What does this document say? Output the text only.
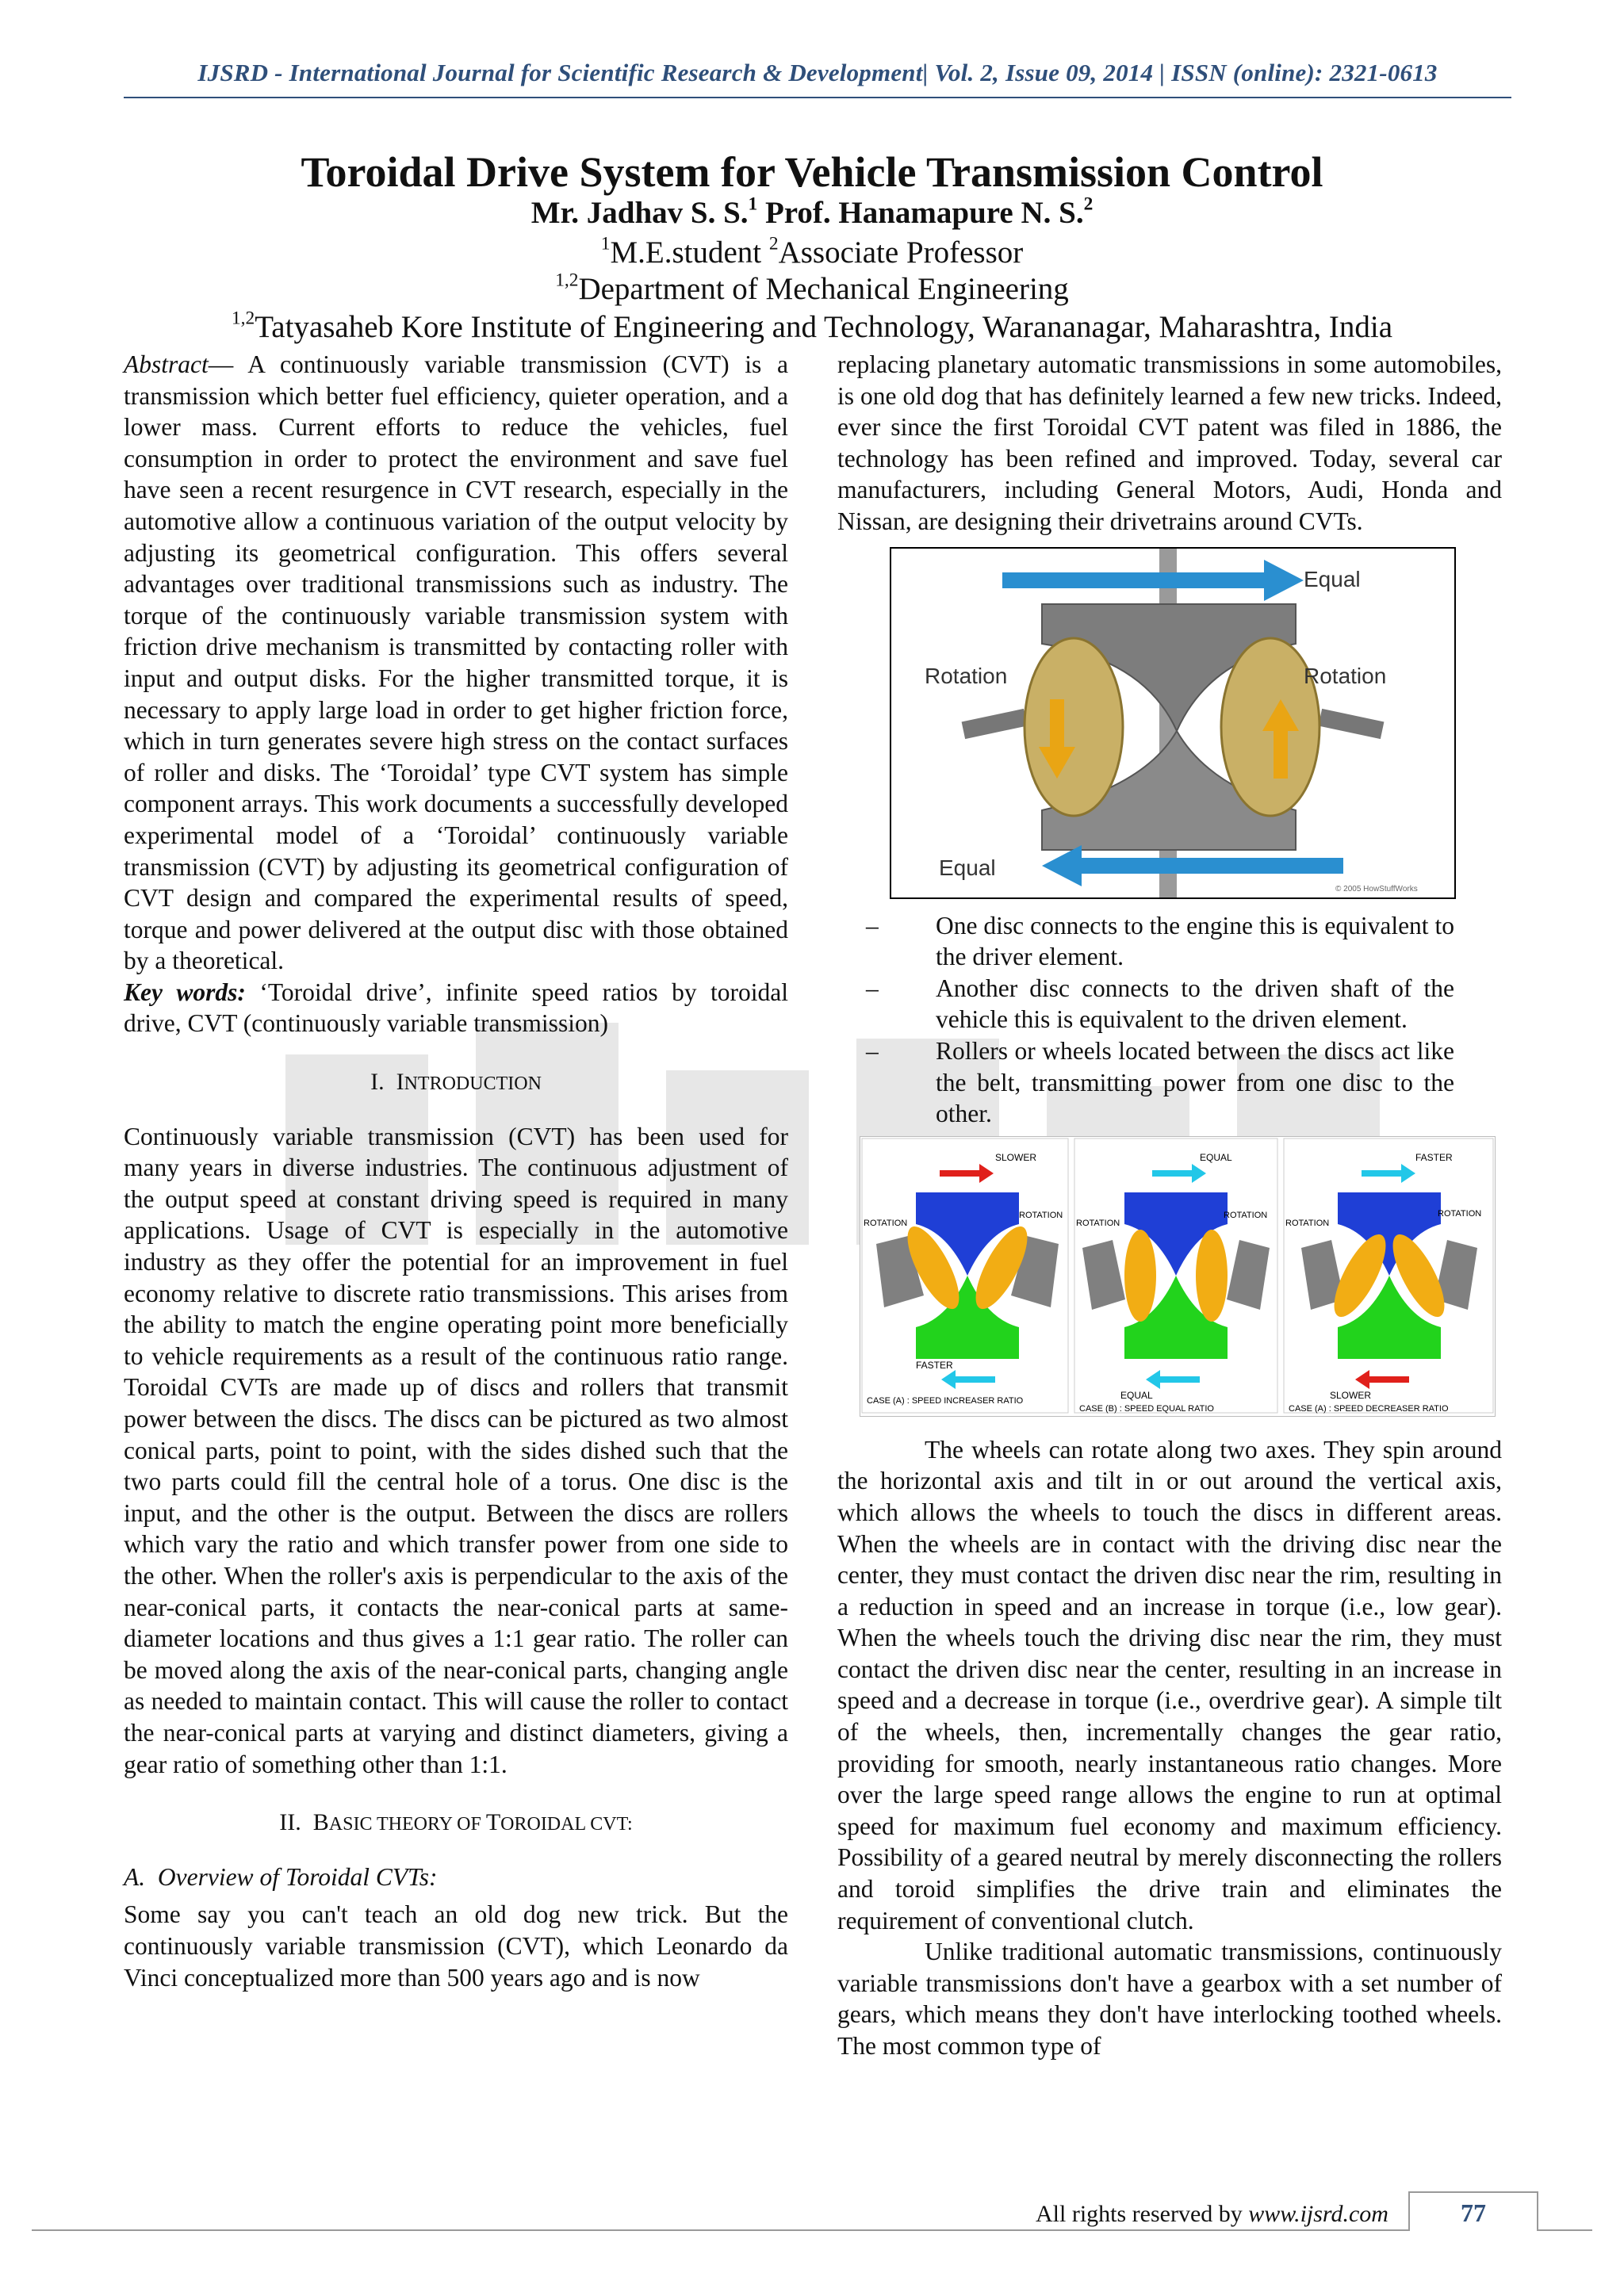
IJSRD - International Journal for Scientific Research & Development| Vol. 2, Issue 09, 2014 | ISSN (online): 2321-0613
Toroidal Drive System for Vehicle Transmission Control
Mr. Jadhav S. S.$^1$ Prof. Hanamapure N. S.$^2$
$^1$M.E.student $^2$Associate Professor
$^{1,2}$Department of Mechanical Engineering
$^{1,2}$Tatyasaheb Kore Institute of Engineering and Technology, Warananagar, Maharashtra, India

Abstract— A continuously variable transmission (CVT) is a transmission which better fuel efficiency, quieter operation, and a lower mass. Current efforts to reduce the vehicles, fuel consumption in order to protect the environment and save fuel have seen a recent resurgence in CVT research, especially in the automotive allow a continuous variation of the output velocity by adjusting its geometrical configuration. This offers several advantages over traditional transmissions such as industry. The torque of the continuously variable transmission system with friction drive mechanism is transmitted by contacting roller with input and output disks. For the higher transmitted torque, it is necessary to apply large load in order to get higher friction force, which in turn generates severe high stress on the contact surfaces of roller and disks. The ‘Toroidal’ type CVT system has simple component arrays. This work documents a successfully developed experimental model of a ‘Toroidal’ continuously variable transmission (CVT) by adjusting its geometrical configuration of CVT design and compared the experimental results of speed, torque and power delivered at the output disc with those obtained by a theoretical.

Key words: ‘Toroidal drive’, infinite speed ratios by toroidal drive, CVT (continuously variable transmission)

I. INTRODUCTION

Continuously variable transmission (CVT) has been used for many years in diverse industries. The continuous adjustment of the output speed at constant driving speed is required in many applications. Usage of CVT is especially in the automotive industry as they offer the potential for an improvement in fuel economy relative to discrete ratio transmissions. This arises from the ability to match the engine operating point more beneficially to vehicle requirements as a result of the continuous ratio range. Toroidal CVTs are made up of discs and rollers that transmit power between the discs. The discs can be pictured as two almost conical parts, point to point, with the sides dished such that the two parts could fill the central hole of a torus. One disc is the input, and the other is the output. Between the discs are rollers which vary the ratio and which transfer power from one side to the other. When the roller's axis is perpendicular to the axis of the near-conical parts, it contacts the near-conical parts at same-diameter locations and thus gives a 1:1 gear ratio. The roller can be moved along the axis of the near-conical parts, changing angle as needed to maintain contact. This will cause the roller to contact the near-conical parts at varying and distinct diameters, giving a gear ratio of something other than 1:1.

II. BASIC THEORY OF TOROIDAL CVT:

A. Overview of Toroidal CVTs:

Some say you can't teach an old dog new trick. But the continuously variable transmission (CVT), which Leonardo da Vinci conceptualized more than 500 years ago and is now

replacing planetary automatic transmissions in some automobiles, is one old dog that has definitely learned a few new tricks. Indeed, ever since the first Toroidal CVT patent was filed in 1886, the technology has been refined and improved. Today, several car manufacturers, including General Motors, Audi, Honda and Nissan, are designing their drivetrains around CVTs.

Equal
Equal
Rotation	Rotation
© 2005 HowStuffWorks
– One disc connects to the engine this is equivalent to the driver element.
– Another disc connects to the driven shaft of the vehicle this is equivalent to the driven element.
– Rollers or wheels located between the discs act like the belt, transmitting power from one disc to the other.
SLOWER
FASTER
ROTATION
ROTATION
CASE (A) : SPEED INCREASER RATIO
EQUAL
EQUAL
ROTATION
ROTATION
CASE (B) : SPEED EQUAL RATIO
FASTER
SLOWER
ROTATION
ROTATION
CASE (A) : SPEED DECREASER RATIO

The wheels can rotate along two axes. They spin around the horizontal axis and tilt in or out around the vertical axis, which allows the wheels to touch the discs in different areas. When the wheels are in contact with the driving disc near the center, they must contact the driven disc near the rim, resulting in a reduction in speed and an increase in torque (i.e., low gear). When the wheels touch the driving disc near the rim, they must contact the driven disc near the center, resulting in an increase in speed and a decrease in torque (i.e., overdrive gear). A simple tilt of the wheels, then, incrementally changes the gear ratio, providing for smooth, nearly instantaneous ratio changes. More over the large speed range allows the engine to run at optimal speed for maximum fuel economy and maximum efficiency. Possibility of a geared neutral by merely disconnecting the rollers and toroid simplifies the drive train and eliminates the requirement of conventional clutch.

Unlike traditional automatic transmissions, continuously variable transmissions don't have a gearbox with a set number of gears, which means they don't have interlocking toothed wheels. The most common type of

All rights reserved by www.ijsrd.com	77
